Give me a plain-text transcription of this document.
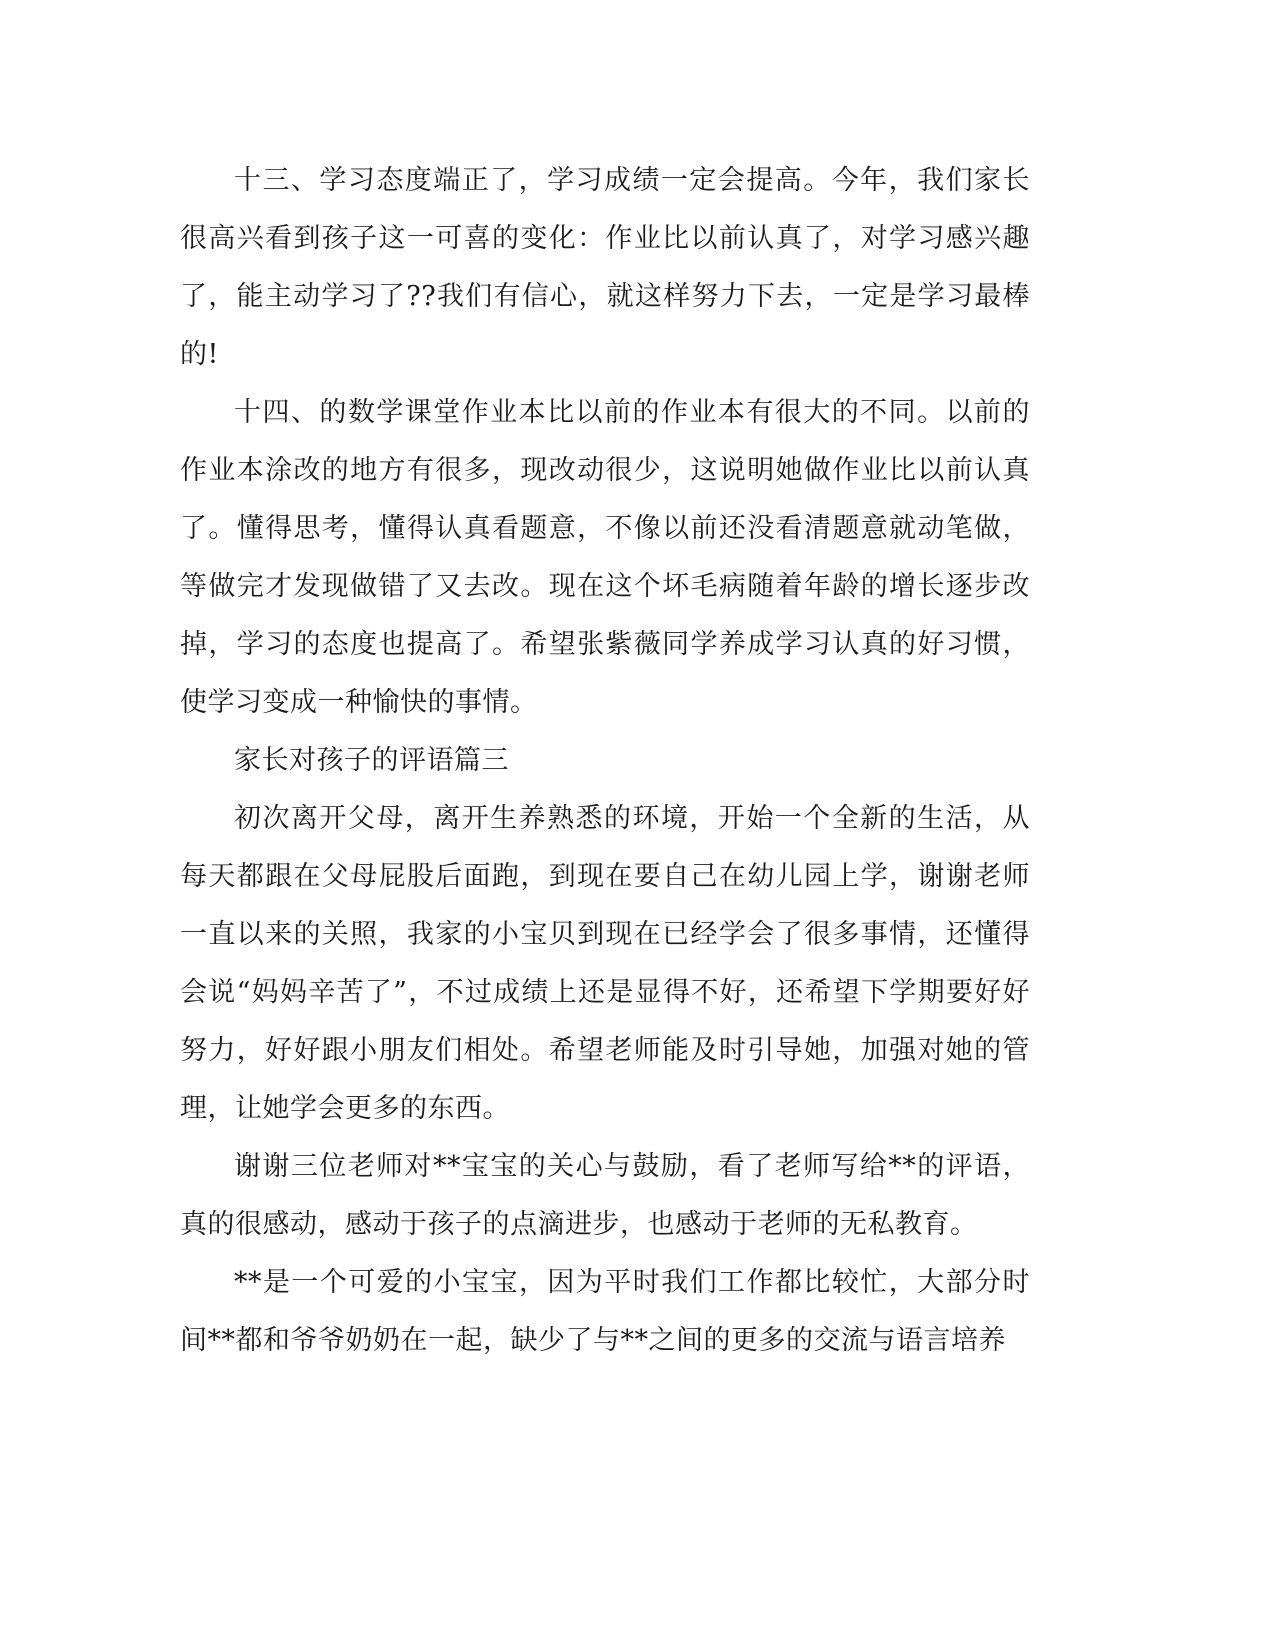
十三、学习态度端正了，学习成绩一定会提高。今年，我们家长很高兴看到孩子这一可喜的变化：作业比以前认真了，对学习感兴趣了，能主动学习了??我们有信心，就这样努力下去，一定是学习最棒的!

十四、的数学课堂作业本比以前的作业本有很大的不同。以前的作业本涂改的地方有很多，现改动很少，这说明她做作业比以前认真了。懂得思考，懂得认真看题意，不像以前还没看清题意就动笔做，等做完才发现做错了又去改。现在这个坏毛病随着年龄的增长逐步改掉，学习的态度也提高了。希望张紫薇同学养成学习认真的好习惯，使学习变成一种愉快的事情。

家长对孩子的评语篇三

初次离开父母，离开生养熟悉的环境，开始一个全新的生活，从每天都跟在父母屁股后面跑，到现在要自己在幼儿园上学，谢谢老师一直以来的关照，我家的小宝贝到现在已经学会了很多事情，还懂得会说“妈妈辛苦了”，不过成绩上还是显得不好，还希望下学期要好好努力，好好跟小朋友们相处。希望老师能及时引导她，加强对她的管理，让她学会更多的东西。

谢谢三位老师对**宝宝的关心与鼓励，看了老师写给**的评语，真的很感动，感动于孩子的点滴进步，也感动于老师的无私教育。

**是一个可爱的小宝宝，因为平时我们工作都比较忙，大部分时间**都和爷爷奶奶在一起，缺少了与**之间的更多的交流与语言培养
